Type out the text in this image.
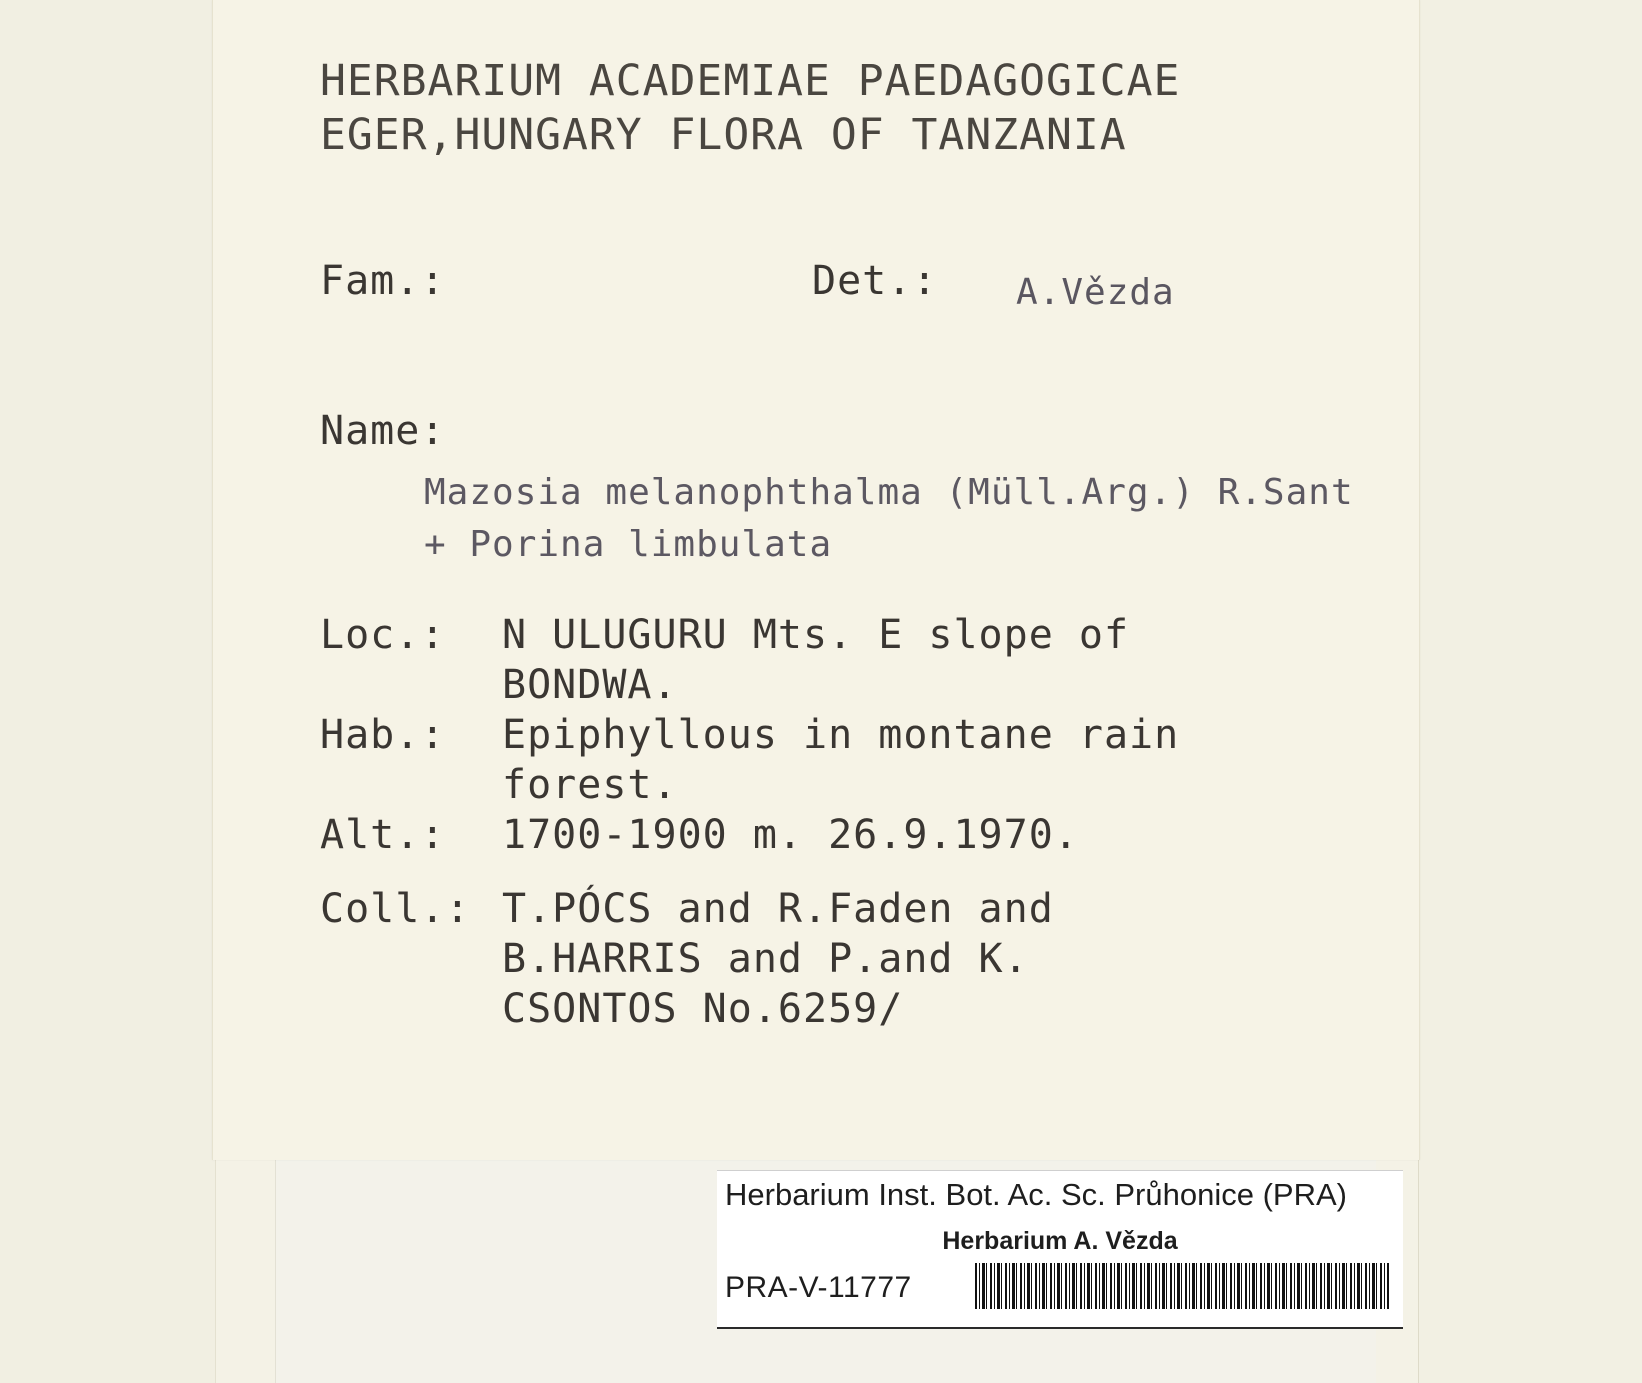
HERBARIUM ACADEMIAE PAEDAGOGICAE
EGER,HUNGARY FLORA OF TANZANIA
Fam.:	Det.: A.Vězda
Name:
Mazosia melanophthalma (Müll.Arg.) R.Sant
+ Porina limbulata
Loc.: N ULUGURU Mts. E slope of
BONDWA.
Hab.: Epiphyllous in montane rain
forest.
Alt.: 1700-1900 m. 26.9.1970.
Coll.: T.PÓCS and R.Faden and
B.HARRIS and P.and K.
CSONTOS No.6259/
Herbarium Inst. Bot. Ac. Sc. Průhonice (PRA)
Herbarium A. Vězda
PRA-V-11777
